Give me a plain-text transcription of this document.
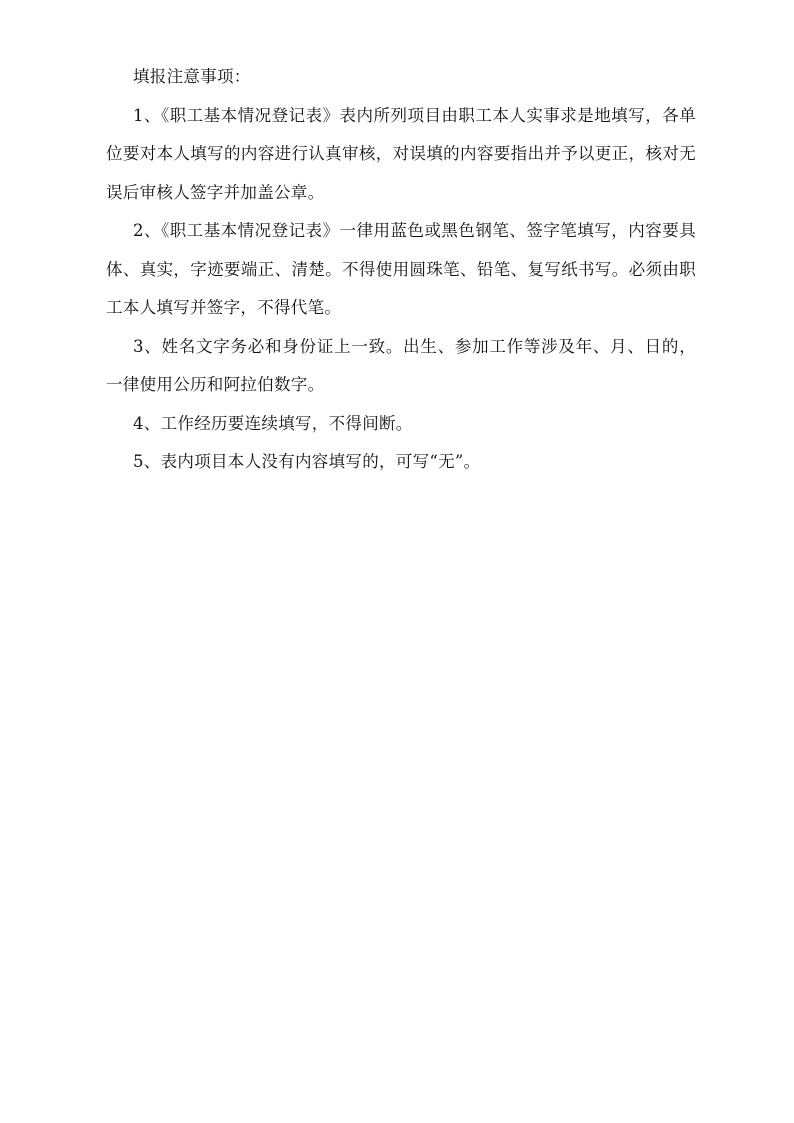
填报注意事项：

1、《职工基本情况登记表》表内所列项目由职工本人实事求是地填写，各单位要对本人填写的内容进行认真审核，对误填的内容要指出并予以更正，核对无误后审核人签字并加盖公章。

2、《职工基本情况登记表》一律用蓝色或黑色钢笔、签字笔填写，内容要具体、真实，字迹要端正、清楚。不得使用圆珠笔、铅笔、复写纸书写。必须由职工本人填写并签字，不得代笔。

3、姓名文字务必和身份证上一致。出生、参加工作等涉及年、月、日的，一律使用公历和阿拉伯数字。

4、工作经历要连续填写，不得间断。

5、表内项目本人没有内容填写的，可写“无”。
